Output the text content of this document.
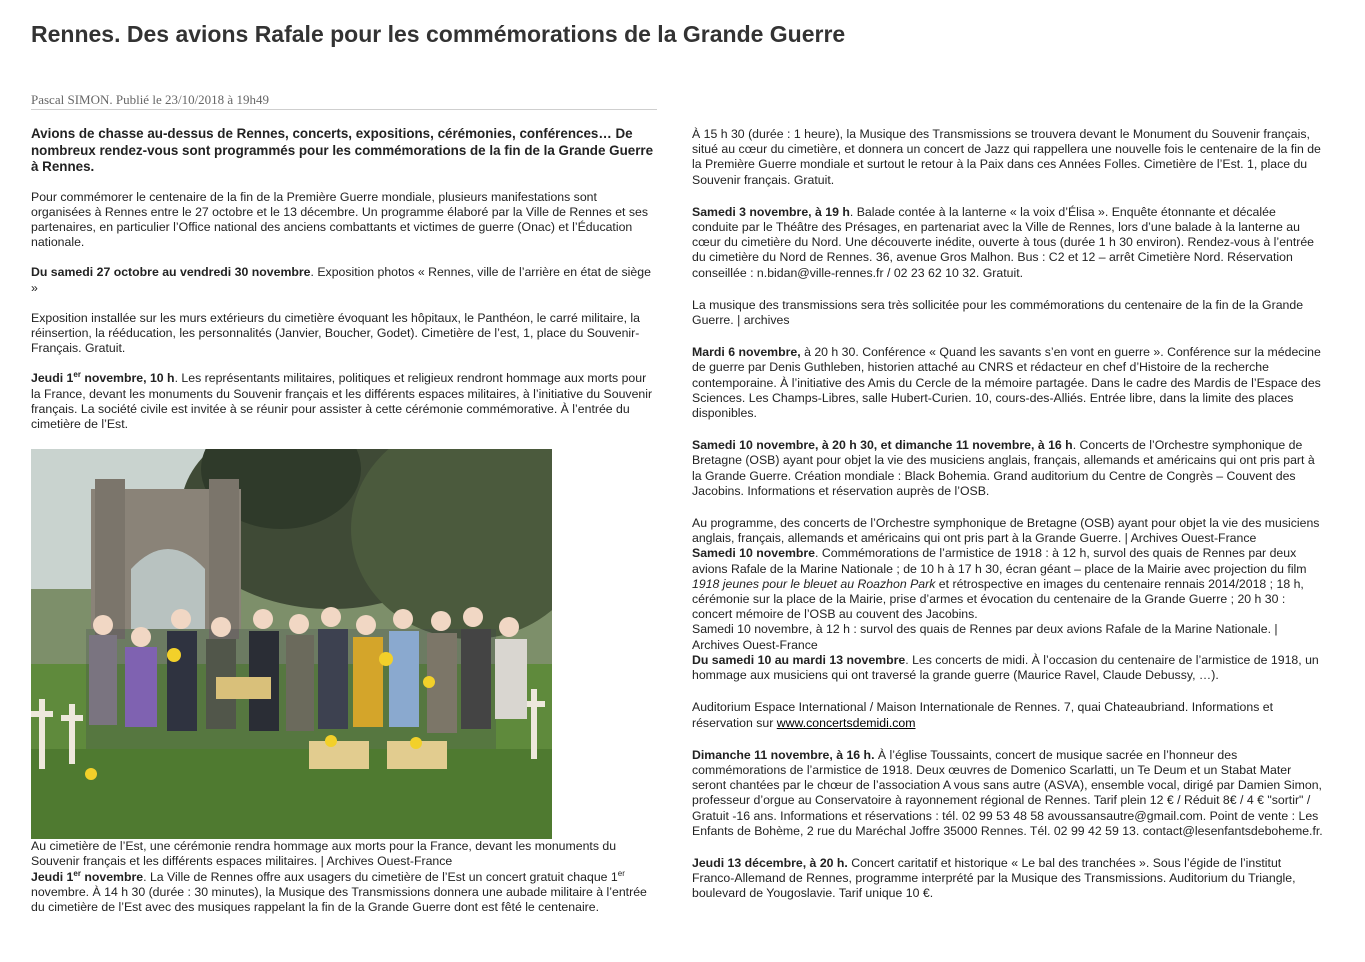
Rennes. Des avions Rafale pour les commémorations de la Grande Guerre
Pascal SIMON. Publié le 23/10/2018 à 19h49

Avions de chasse au-dessus de Rennes, concerts, expositions, cérémonies, conférences… De nombreux rendez-vous sont programmés pour les commémorations de la fin de la Grande Guerre à Rennes.

Pour commémorer le centenaire de la fin de la Première Guerre mondiale, plusieurs manifestations sont organisées à Rennes entre le 27 octobre et le 13 décembre. Un programme élaboré par la Ville de Rennes et ses partenaires, en particulier l’Office national des anciens combattants et victimes de guerre (Onac) et l’Éducation nationale.

Du samedi 27 octobre au vendredi 30 novembre. Exposition photos « Rennes, ville de l’arrière en état de siège »

Exposition installée sur les murs extérieurs du cimetière évoquant les hôpitaux, le Panthéon, le carré militaire, la réinsertion, la rééducation, les personnalités (Janvier, Boucher, Godet). Cimetière de l’est, 1, place du Souvenir-Français. Gratuit.

Jeudi 1er novembre, 10 h. Les représentants militaires, politiques et religieux rendront hommage aux morts pour la France, devant les monuments du Souvenir français et les différents espaces militaires, à l’initiative du Souvenir français. La société civile est invitée à se réunir pour assister à cette cérémonie commémorative. À l’entrée du cimetière de l’Est.

Au cimetière de l’Est, une cérémonie rendra hommage aux morts pour la France, devant les monuments du Souvenir français et les différents espaces militaires. | Archives Ouest-France

Jeudi 1er novembre. La Ville de Rennes offre aux usagers du cimetière de l’Est un concert gratuit chaque 1er novembre. À 14 h 30 (durée : 30 minutes), la Musique des Transmissions donnera une aubade militaire à l’entrée du cimetière de l’Est avec des musiques rappelant la fin de la Grande Guerre dont est fêté le centenaire.

À 15 h 30 (durée : 1 heure), la Musique des Transmissions se trouvera devant le Monument du Souvenir français, situé au cœur du cimetière, et donnera un concert de Jazz qui rappellera une nouvelle fois le centenaire de la fin de la Première Guerre mondiale et surtout le retour à la Paix dans ces Années Folles. Cimetière de l’Est. 1, place du Souvenir français. Gratuit.

Samedi 3 novembre, à 19 h. Balade contée à la lanterne « la voix d’Élisa ». Enquête étonnante et décalée conduite par le Théâtre des Présages, en partenariat avec la Ville de Rennes, lors d’une balade à la lanterne au cœur du cimetière du Nord. Une découverte inédite, ouverte à tous (durée 1 h 30 environ). Rendez-vous à l’entrée du cimetière du Nord de Rennes. 36, avenue Gros Malhon. Bus : C2 et 12 – arrêt Cimetière Nord. Réservation conseillée : n.bidan@ville-rennes.fr / 02 23 62 10 32. Gratuit.

La musique des transmissions sera très sollicitée pour les commémorations du centenaire de la fin de la Grande Guerre. | archives

Mardi 6 novembre, à 20 h 30. Conférence « Quand les savants s’en vont en guerre ». Conférence sur la médecine de guerre par Denis Guthleben, historien attaché au CNRS et rédacteur en chef d’Histoire de la recherche contemporaine. À l’initiative des Amis du Cercle de la mémoire partagée. Dans le cadre des Mardis de l’Espace des Sciences. Les Champs-Libres, salle Hubert-Curien. 10, cours-des-Alliés. Entrée libre, dans la limite des places disponibles.

Samedi 10 novembre, à 20 h 30, et dimanche 11 novembre, à 16 h. Concerts de l’Orchestre symphonique de Bretagne (OSB) ayant pour objet la vie des musiciens anglais, français, allemands et américains qui ont pris part à la Grande Guerre. Création mondiale : Black Bohemia. Grand auditorium du Centre de Congrès – Couvent des Jacobins. Informations et réservation auprès de l’OSB.

Au programme, des concerts de l’Orchestre symphonique de Bretagne (OSB) ayant pour objet la vie des musiciens anglais, français, allemands et américains qui ont pris part à la Grande Guerre. | Archives Ouest-France

Samedi 10 novembre. Commémorations de l’armistice de 1918 : à 12 h, survol des quais de Rennes par deux avions Rafale de la Marine Nationale ; de 10 h à 17 h 30, écran géant – place de la Mairie avec projection du film 1918 jeunes pour le bleuet au Roazhon Park et rétrospective en images du centenaire rennais 2014/2018 ; 18 h, cérémonie sur la place de la Mairie, prise d’armes et évocation du centenaire de la Grande Guerre ; 20 h 30 : concert mémoire de l’OSB au couvent des Jacobins.

Samedi 10 novembre, à 12 h : survol des quais de Rennes par deux avions Rafale de la Marine Nationale. | Archives Ouest-France

Du samedi 10 au mardi 13 novembre. Les concerts de midi. À l’occasion du centenaire de l’armistice de 1918, un hommage aux musiciens qui ont traversé la grande guerre (Maurice Ravel, Claude Debussy, …).

Auditorium Espace International / Maison Internationale de Rennes. 7, quai Chateaubriand. Informations et réservation sur www.concertsdemidi.com

Dimanche 11 novembre, à 16 h. À l’église Toussaints, concert de musique sacrée en l’honneur des commémorations de l’armistice de 1918. Deux œuvres de Domenico Scarlatti, un Te Deum et un Stabat Mater seront chantées par le chœur de l’association A vous sans autre (ASVA), ensemble vocal, dirigé par Damien Simon, professeur d’orgue au Conservatoire à rayonnement régional de Rennes. Tarif plein 12 € / Réduit 8€ / 4 € "sortir" / Gratuit -16 ans. Informations et réservations : tél. 02 99 53 48 58 avoussansautre@gmail.com. Point de vente : Les Enfants de Bohème, 2 rue du Maréchal Joffre 35000 Rennes. Tél. 02 99 42 59 13. contact@lesenfantsdeboheme.fr.

Jeudi 13 décembre, à 20 h. Concert caritatif et historique « Le bal des tranchées ». Sous l’égide de l’institut Franco-Allemand de Rennes, programme interprété par la Musique des Transmissions. Auditorium du Triangle, boulevard de Yougoslavie. Tarif unique 10 €.
